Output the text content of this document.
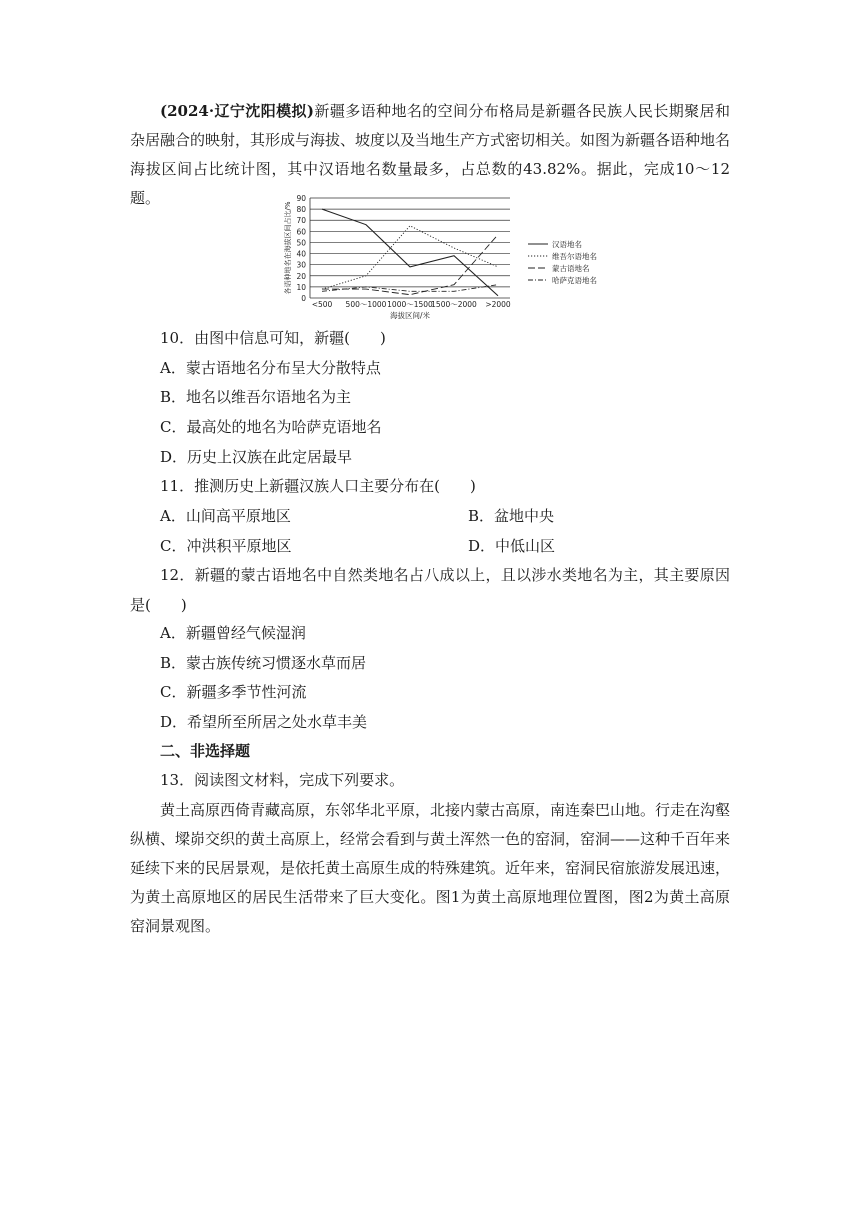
(2024·辽宁沈阳模拟)新疆多语种地名的空间分布格局是新疆各民族人民长期聚居和杂居融合的映射，其形成与海拔、坡度以及当地生产方式密切相关。如图为新疆各语种地名海拔区间占比统计图，其中汉语地名数量最多，占总数的43.82%。据此，完成10～12题。
0
10
20
30
40
50
60
70
80
90
<500 500～1000 1000～1500
1500～2000 >2000
海拔区间/米
各语种地名在海拔区间占比/%	汉语地名
维吾尔语地名
蒙古语地名
哈萨克语地名
10．由图中信息可知，新疆(　　)
A．蒙古语地名分布呈大分散特点
B．地名以维吾尔语地名为主
C．最高处的地名为哈萨克语地名
D．历史上汉族在此定居最早
11．推测历史上新疆汉族人口主要分布在(　　)
A．山间高平原地区	B．盆地中央
C．冲洪积平原地区	D．中低山区
12．新疆的蒙古语地名中自然类地名占八成以上，且以涉水类地名为主，其主要原因是(　　)
A．新疆曾经气候湿润
B．蒙古族传统习惯逐水草而居
C．新疆多季节性河流
D．希望所至所居之处水草丰美
二、非选择题
13．阅读图文材料，完成下列要求。
黄土高原西倚青藏高原，东邻华北平原，北接内蒙古高原，南连秦巴山地。行走在沟壑纵横、墚峁交织的黄土高原上，经常会看到与黄土浑然一色的窑洞，窑洞——这种千百年来延续下来的民居景观，是依托黄土高原生成的特殊建筑。近年来，窑洞民宿旅游发展迅速，为黄土高原地区的居民生活带来了巨大变化。图1为黄土高原地理位置图，图2为黄土高原窑洞景观图。
